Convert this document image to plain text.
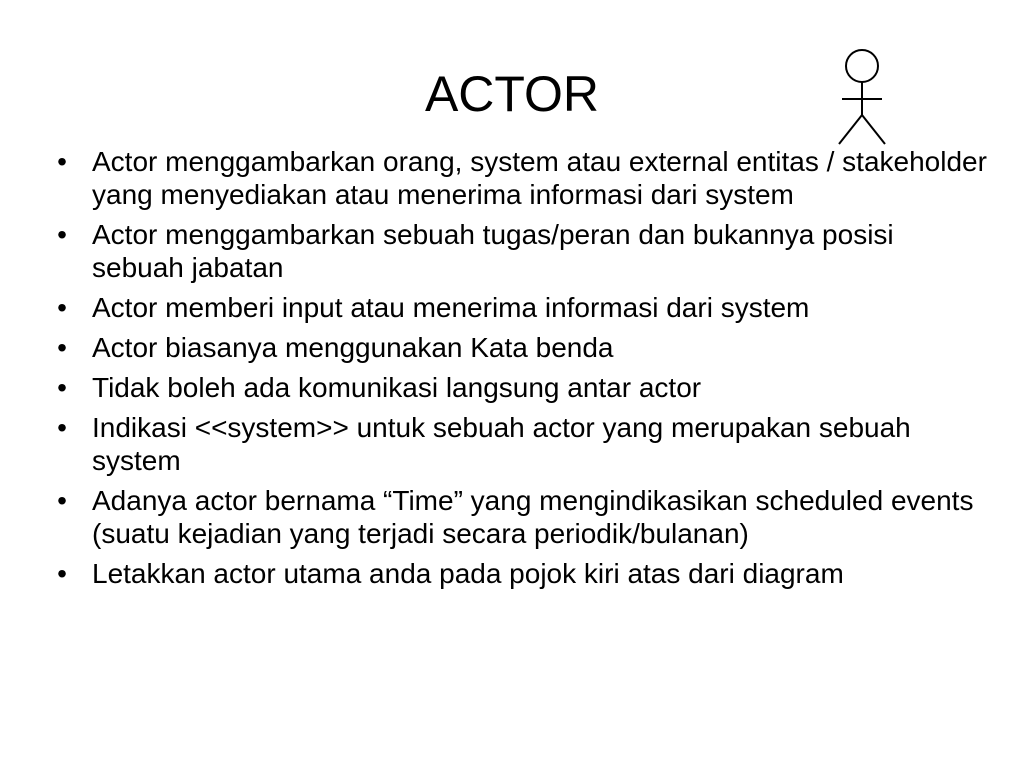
ACTOR
• Actor menggambarkan orang, system atau external entitas / stakeholder yang menyediakan atau menerima informasi dari system
• Actor menggambarkan sebuah tugas/peran dan bukannya posisi sebuah jabatan
• Actor memberi input atau menerima informasi dari system
• Actor biasanya menggunakan Kata benda
• Tidak boleh ada komunikasi langsung antar actor
• Indikasi <<system>> untuk sebuah actor yang merupakan sebuah system
• Adanya actor bernama “Time” yang mengindikasikan scheduled events (suatu kejadian yang terjadi secara periodik/bulanan)
• Letakkan actor utama anda pada pojok kiri atas dari diagram
